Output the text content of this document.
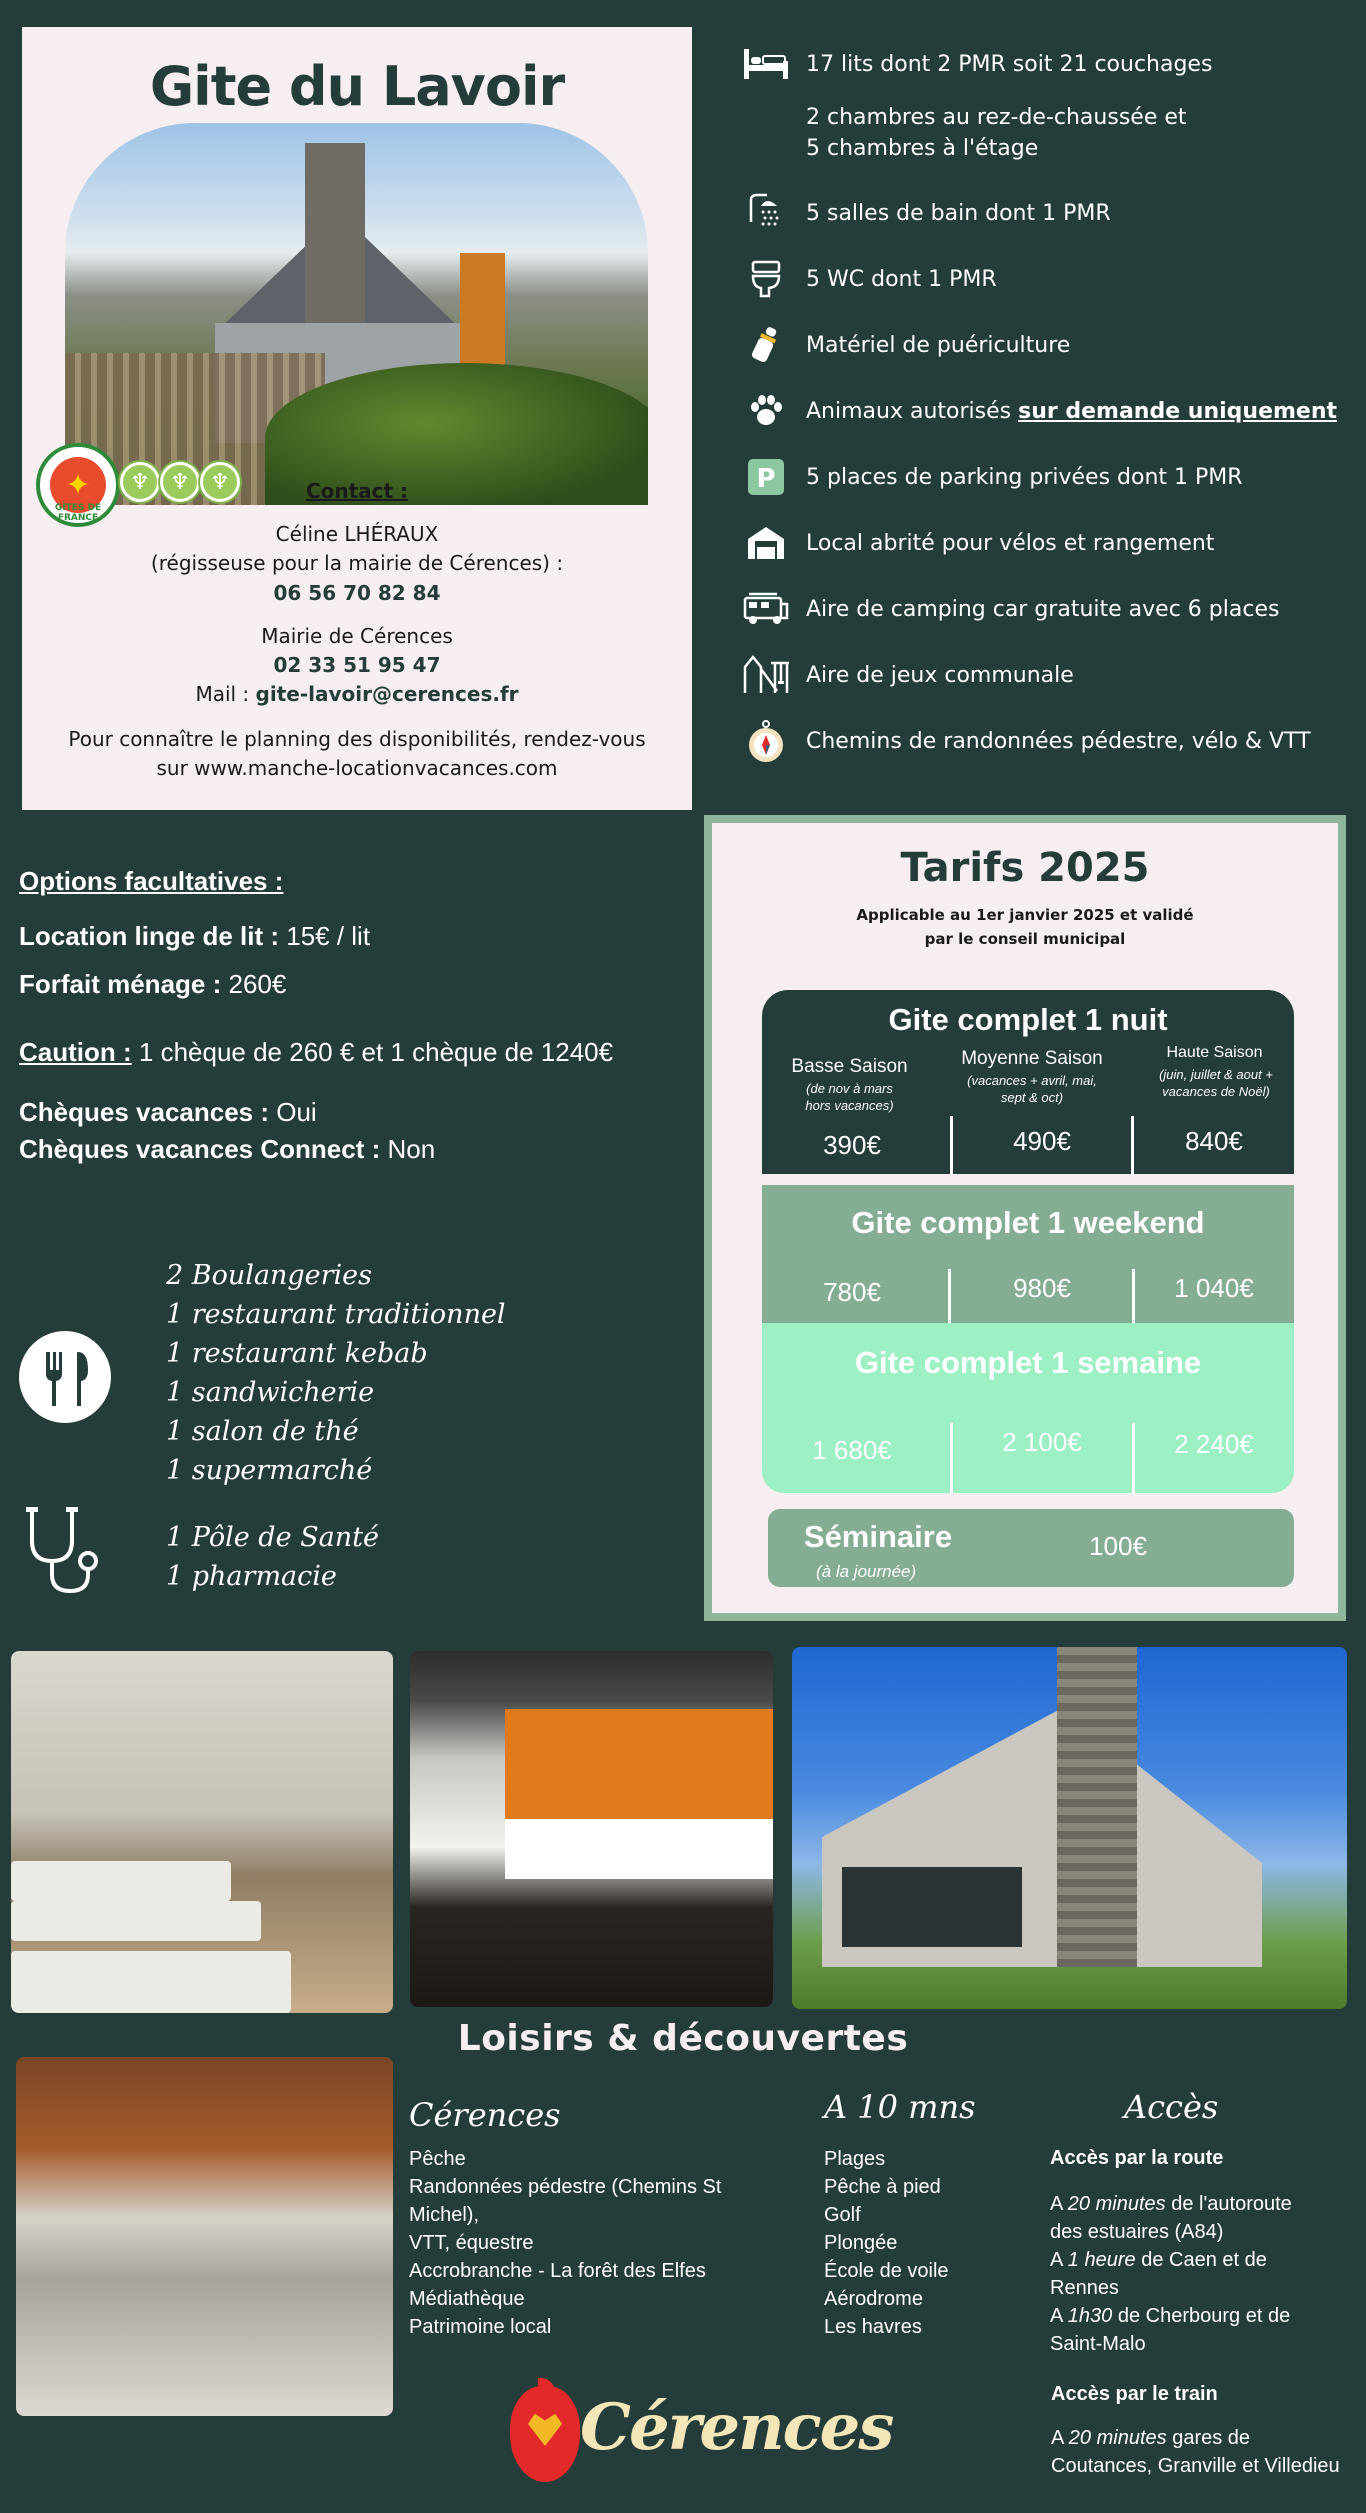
Gite du Lavoir
✦
GÎTES DE FRANCE
♆ ♆ ♆	Contact :
Céline LHÉRAUX
(régisseuse pour la mairie de Cérences) :
06 56 70 82 84
Mairie de Cérences
02 33 51 95 47
Mail : gite-lavoir@cerences.fr
Pour connaître le planning des disponibilités, rendez-vous
sur www.manche-locationvacances.com
17 lits dont 2 PMR soit 21 couchages
2 chambres au rez-de-chaussée et
5 chambres à l'étage
5 salles de bain dont 1 PMR
5 WC dont 1 PMR
Matériel de puériculture
Animaux autorisés sur demande uniquement
P 5 places de parking privées dont 1 PMR
Local abrité pour vélos et rangement
Aire de camping car gratuite avec 6 places
Aire de jeux communale
Chemins de randonnées pédestre, vélo & VTT
Options facultatives :
Location linge de lit : 15€ / lit
Forfait ménage : 260€
Caution : 1 chèque de 260 € et 1 chèque de 1240€
Chèques vacances : Oui
Chèques vacances Connect : Non
2 Boulangeries
1 restaurant traditionnel
1 restaurant kebab
1 sandwicherie
1 salon de thé
1 supermarché
1 Pôle de Santé
1 pharmacie
Tarifs 2025
Applicable au 1er janvier 2025 et validé
par le conseil municipal
Gite complet 1 nuit
Basse Saison
(de nov à mars hors vacances)
Moyenne Saison
(vacances + avril, mai, sept & oct)
Haute Saison
(juin, juillet & aout + vacances de Noël)
390€	490€	840€
Gite complet 1 weekend
780€	980€	1 040€
Gite complet 1 semaine
1 680€	2 100€	2 240€
Séminaire
(à la journée)
100€
Loisirs & découvertes
Cérences
Pêche
Randonnées pédestre (Chemins St
Michel),
VTT, équestre
Accrobranche - La forêt des Elfes
Médiathèque
Patrimoine local
A 10 mns
Plages
Pêche à pied
Golf
Plongée
École de voile
Aérodrome
Les havres
Accès
Accès par la route
A 20 minutes de l'autoroute
des estuaires (A84)
A 1 heure de Caen et de
Rennes
A 1h30 de Cherbourg et de
Saint-Malo
Accès par le train
A 20 minutes gares de
Coutances, Granville et Villedieu
Cérences
